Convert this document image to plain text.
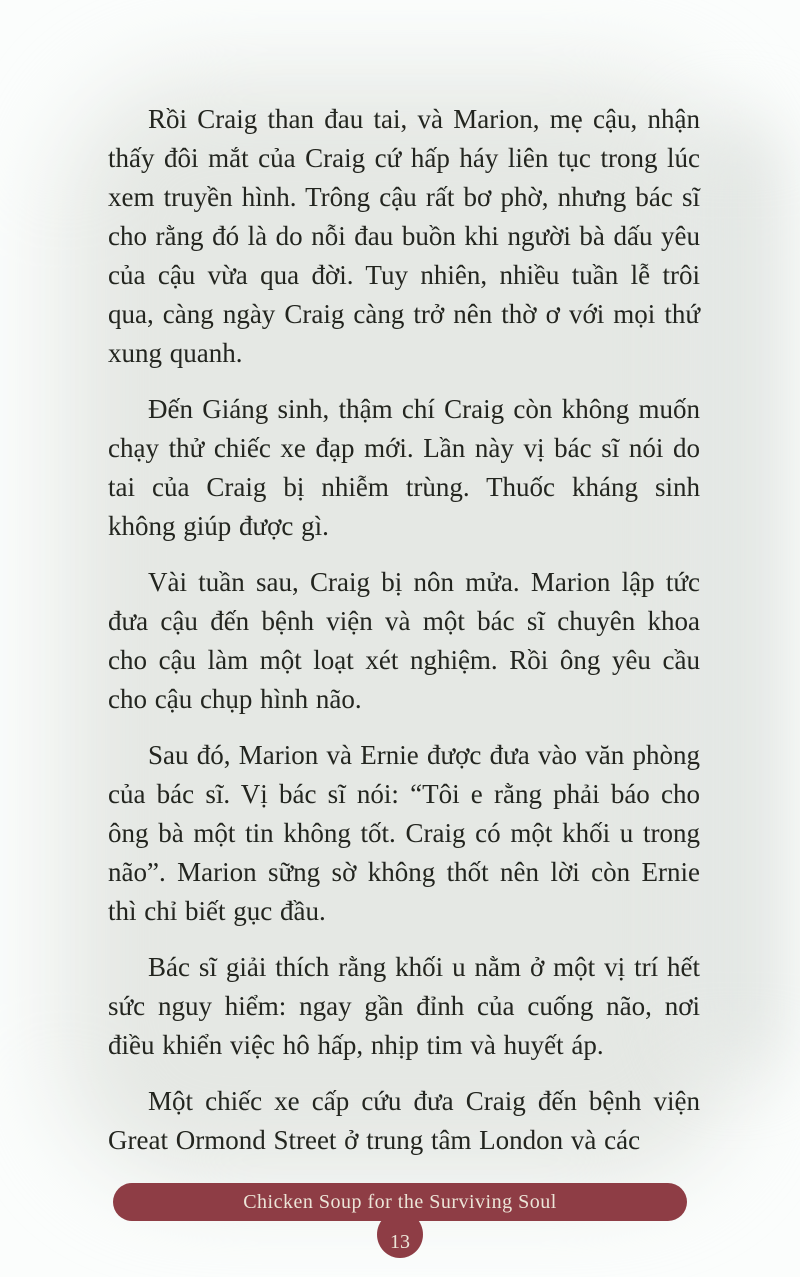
Rồi Craig than đau tai, và Marion, mẹ cậu, nhận thấy đôi mắt của Craig cứ hấp háy liên tục trong lúc xem truyền hình. Trông cậu rất bơ phờ, nhưng bác sĩ cho rằng đó là do nỗi đau buồn khi người bà dấu yêu của cậu vừa qua đời. Tuy nhiên, nhiều tuần lễ trôi qua, càng ngày Craig càng trở nên thờ ơ với mọi thứ xung quanh.

Đến Giáng sinh, thậm chí Craig còn không muốn chạy thử chiếc xe đạp mới. Lần này vị bác sĩ nói do tai của Craig bị nhiễm trùng. Thuốc kháng sinh không giúp được gì.

Vài tuần sau, Craig bị nôn mửa. Marion lập tức đưa cậu đến bệnh viện và một bác sĩ chuyên khoa cho cậu làm một loạt xét nghiệm. Rồi ông yêu cầu cho cậu chụp hình não.

Sau đó, Marion và Ernie được đưa vào văn phòng của bác sĩ. Vị bác sĩ nói: “Tôi e rằng phải báo cho ông bà một tin không tốt. Craig có một khối u trong não”. Marion sững sờ không thốt nên lời còn Ernie thì chỉ biết gục đầu.

Bác sĩ giải thích rằng khối u nằm ở một vị trí hết sức nguy hiểm: ngay gần đỉnh của cuống não, nơi điều khiển việc hô hấp, nhịp tim và huyết áp.

Một chiếc xe cấp cứu đưa Craig đến bệnh viện Great Ormond Street ở trung tâm London và các

Chicken Soup for the Surviving Soul
13
